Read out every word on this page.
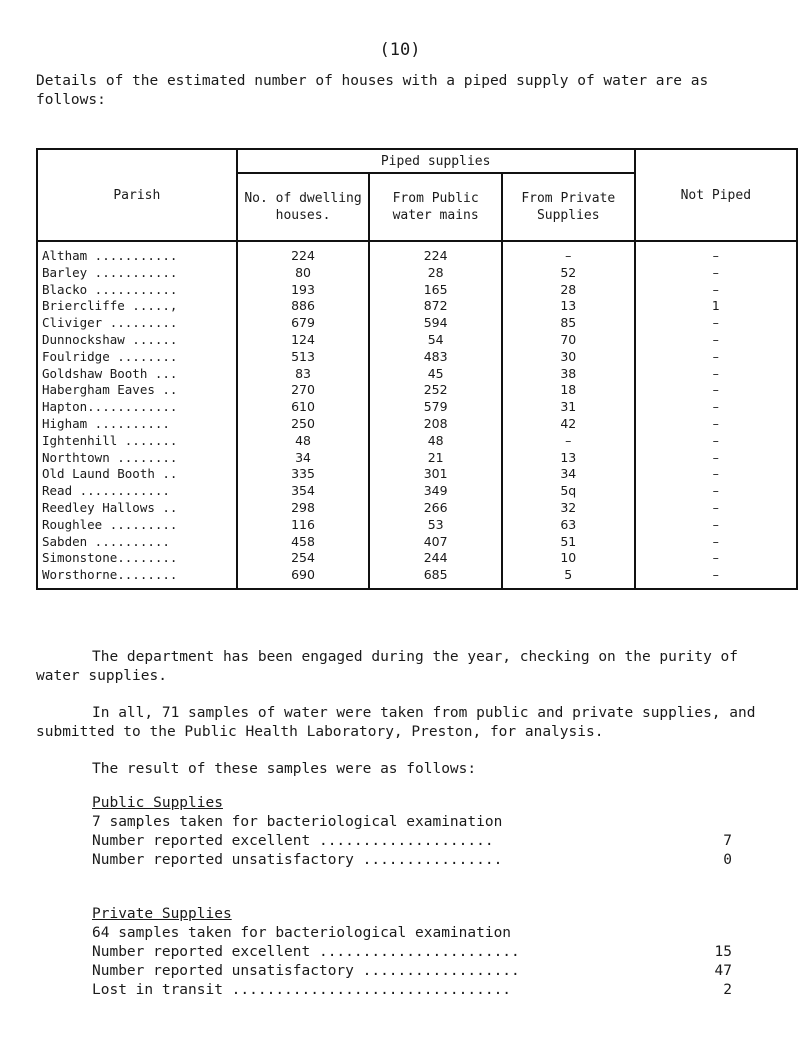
(10)
Details of the estimated number of houses with a piped supply of water are as follows:
Parish	Piped supplies			Not Piped
	No. of dwelling houses.	From Public water mains	From Private Supplies	
Altham ...........	224	224	–	–
Barley ...........	80	28	52	–
Blacko ...........	193	165	28	–
Briercliffe .....,	886	872	13	1
Cliviger .........	679	594	85	–
Dunnockshaw ......	124	54	70	–
Foulridge ........	513	483	30	–
Goldshaw Booth ...	83	45	38	–
Habergham Eaves ..	270	252	18	–
Hapton............	610	579	31	–
Higham ..........	250	208	42	–
Ightenhill .......	48	48	–	–
Northtown ........	34	21	13	–
Old Laund Booth ..	335	301	34	–
Read ............	354	349	5q	–
Reedley Hallows ..	298	266	32	–
Roughlee .........	116	53	63	–
Sabden ..........	458	407	51	–
Simonstone........	254	244	10	–
Worsthorne........	690	685	5	–
The department has been engaged during the year, checking on the purity of water supplies.
In all, 71 samples of water were taken from public and private supplies, and submitted to the Public Health Laboratory, Preston, for analysis.
The result of these samples were as follows:
Public Supplies
7 samples taken for bacteriological examination
Number reported excellent ....................	7
Number reported unsatisfactory ................	0
Private Supplies
64 samples taken for bacteriological examination
Number reported excellent .......................	15
Number reported unsatisfactory ..................	47
Lost in transit ................................	2
